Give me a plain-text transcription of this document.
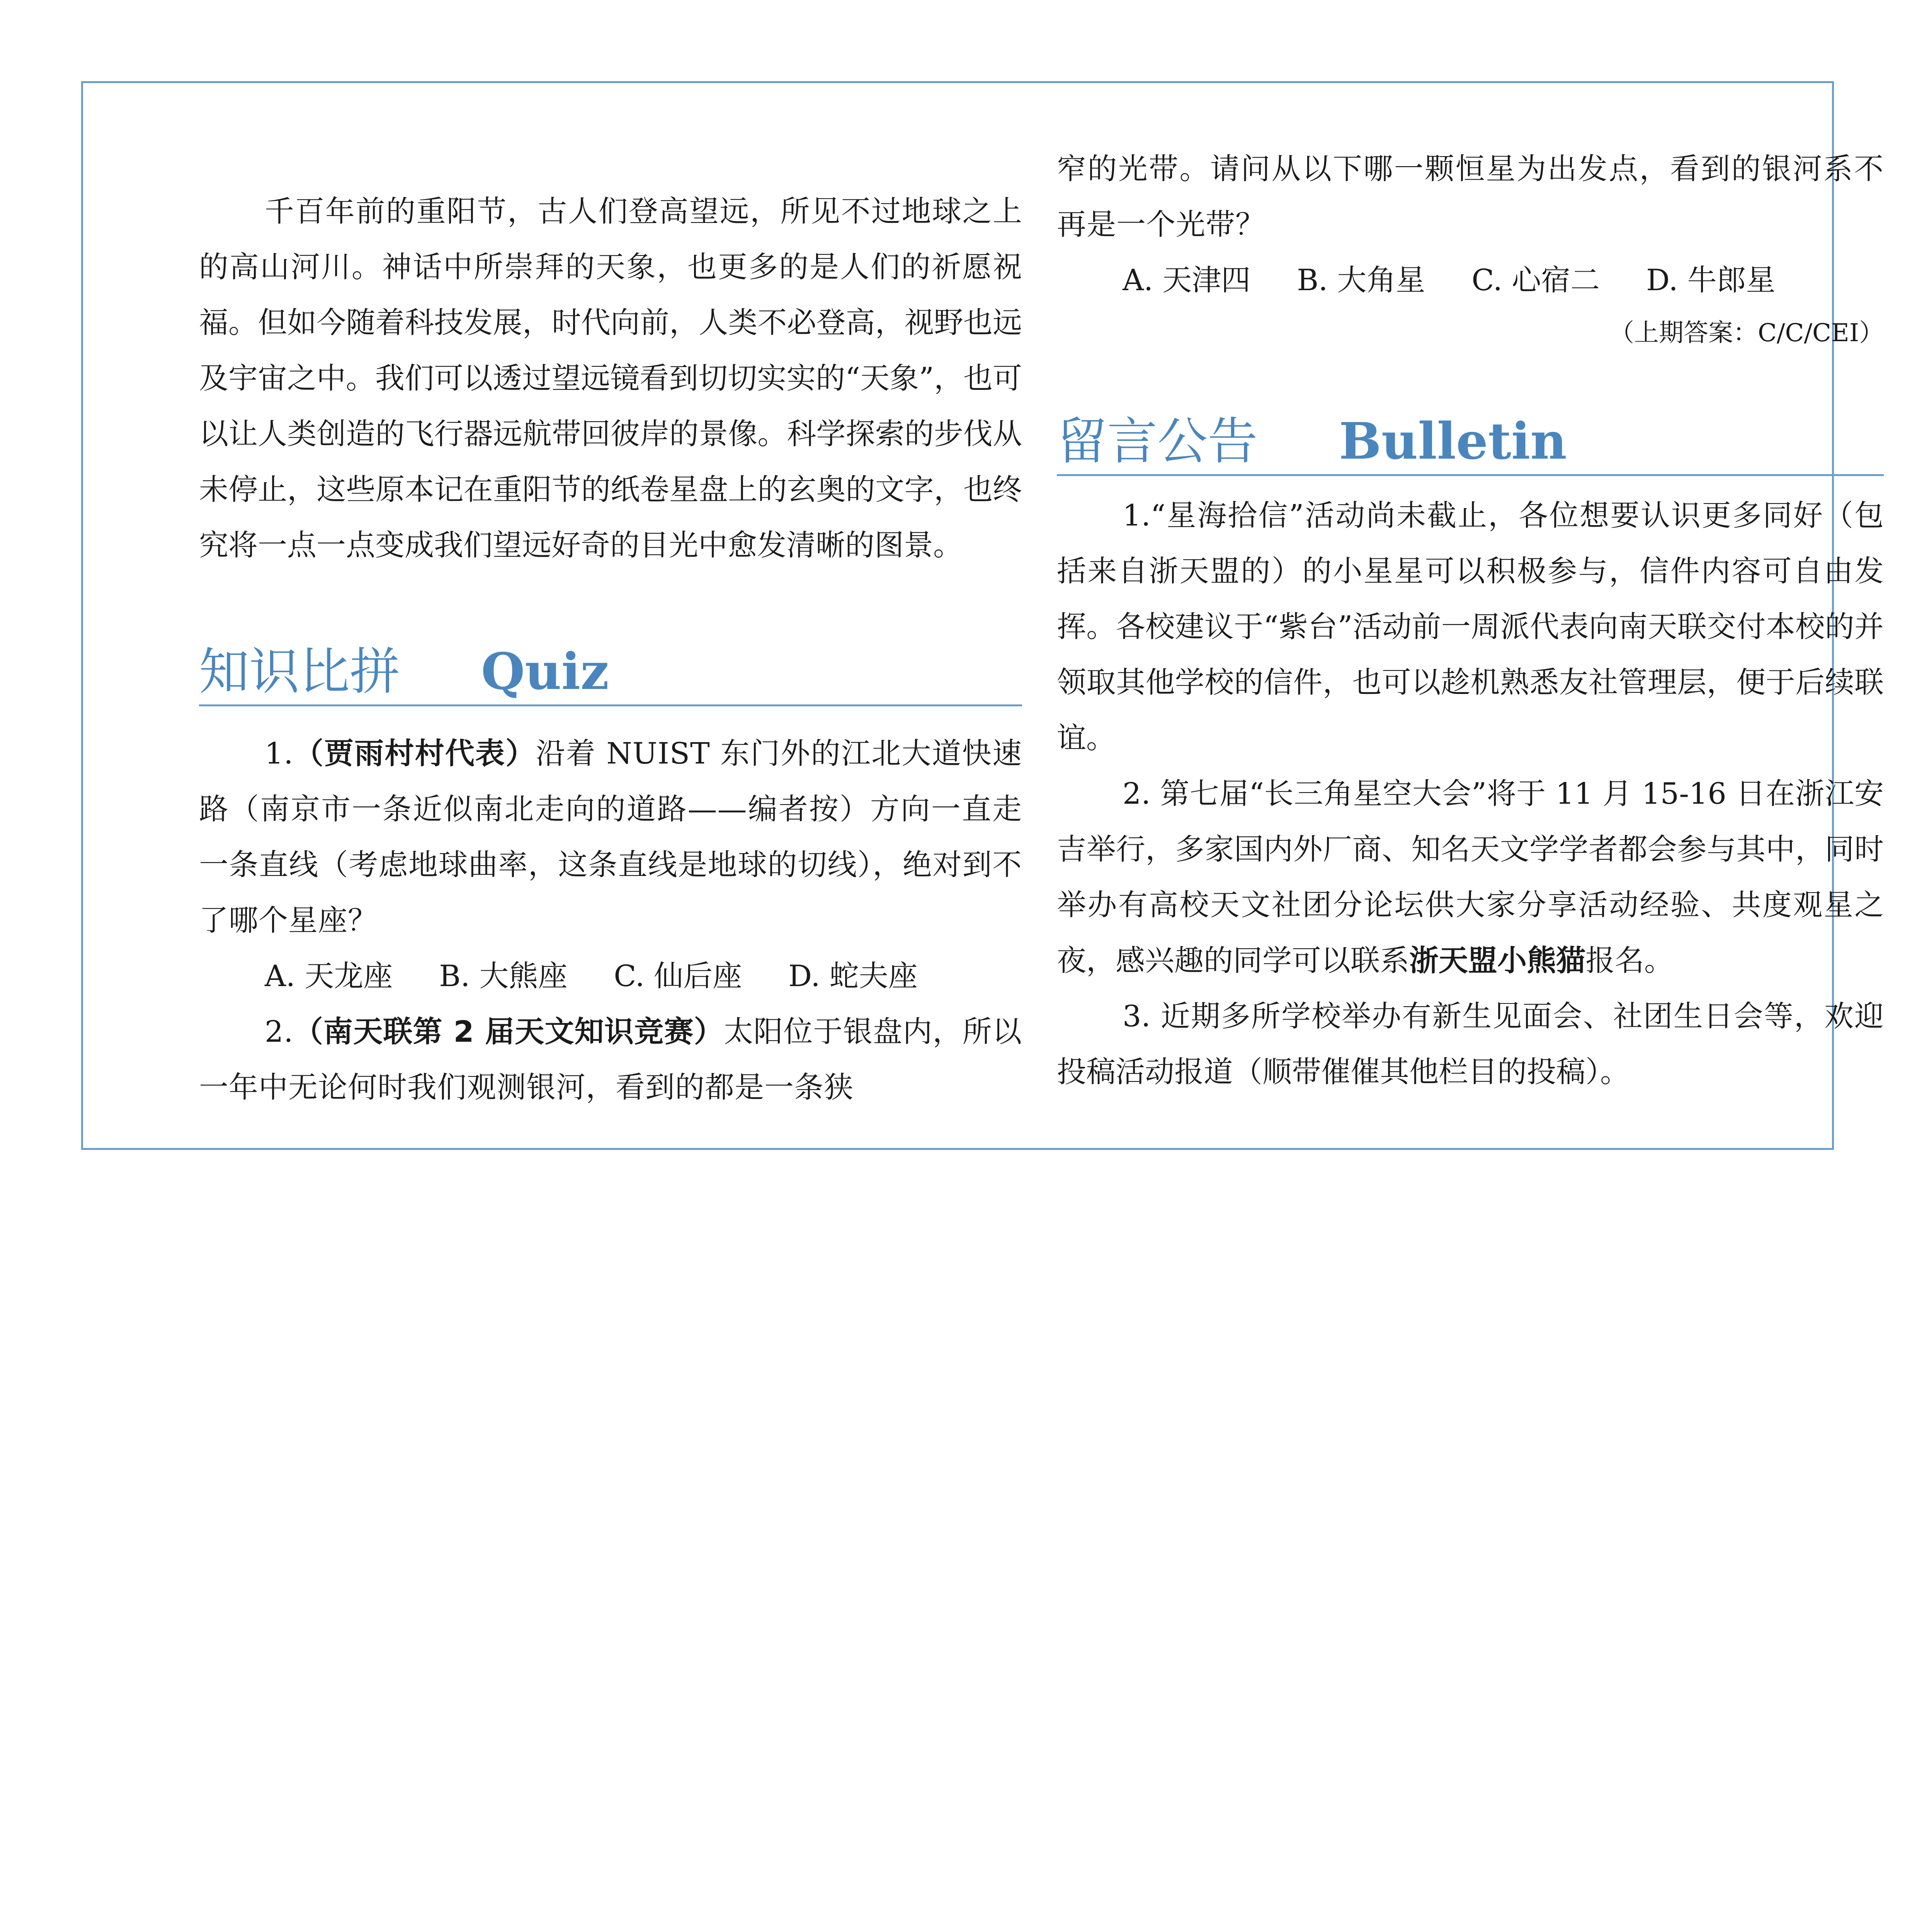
千百年前的重阳节，古人们登高望远，所见不过地球之上的高山河川。神话中所崇拜的天象，也更多的是人们的祈愿祝福。但如今随着科技发展，时代向前，人类不必登高，视野也远及宇宙之中。我们可以透过望远镜看到切切实实的“天象”，也可以让人类创造的飞行器远航带回彼岸的景像。科学探索的步伐从未停止，这些原本记在重阳节的纸卷星盘上的玄奥的文字，也终究将一点一点变成我们望远好奇的目光中愈发清晰的图景。

知识比拼 Quiz

1.（贾雨村村代表）沿着 NUIST 东门外的江北大道快速路（南京市一条近似南北走向的道路——编者按）方向一直走一条直线（考虑地球曲率，这条直线是地球的切线），绝对到不了哪个星座？

A. 天龙座 B. 大熊座 C. 仙后座 D. 蛇夫座

2.（南天联第 2 届天文知识竞赛）太阳位于银盘内，所以一年中无论何时我们观测银河，看到的都是一条狭

窄的光带。请问从以下哪一颗恒星为出发点，看到的银河系不再是一个光带？

A. 天津四 B. 大角星 C. 心宿二 D. 牛郎星
（上期答案：C/C/CEI）
留言公告 Bulletin

1.“星海拾信”活动尚未截止，各位想要认识更多同好（包括来自浙天盟的）的小星星可以积极参与，信件内容可自由发挥。各校建议于“紫台”活动前一周派代表向南天联交付本校的并领取其他学校的信件，也可以趁机熟悉友社管理层，便于后续联谊。

2. 第七届“长三角星空大会”将于 11 月 15-16 日在浙江安吉举行，多家国内外厂商、知名天文学学者都会参与其中，同时举办有高校天文社团分论坛供大家分享活动经验、共度观星之夜，感兴趣的同学可以联系浙天盟小熊猫报名。

3. 近期多所学校举办有新生见面会、社团生日会等，欢迎投稿活动报道（顺带催催其他栏目的投稿）。
